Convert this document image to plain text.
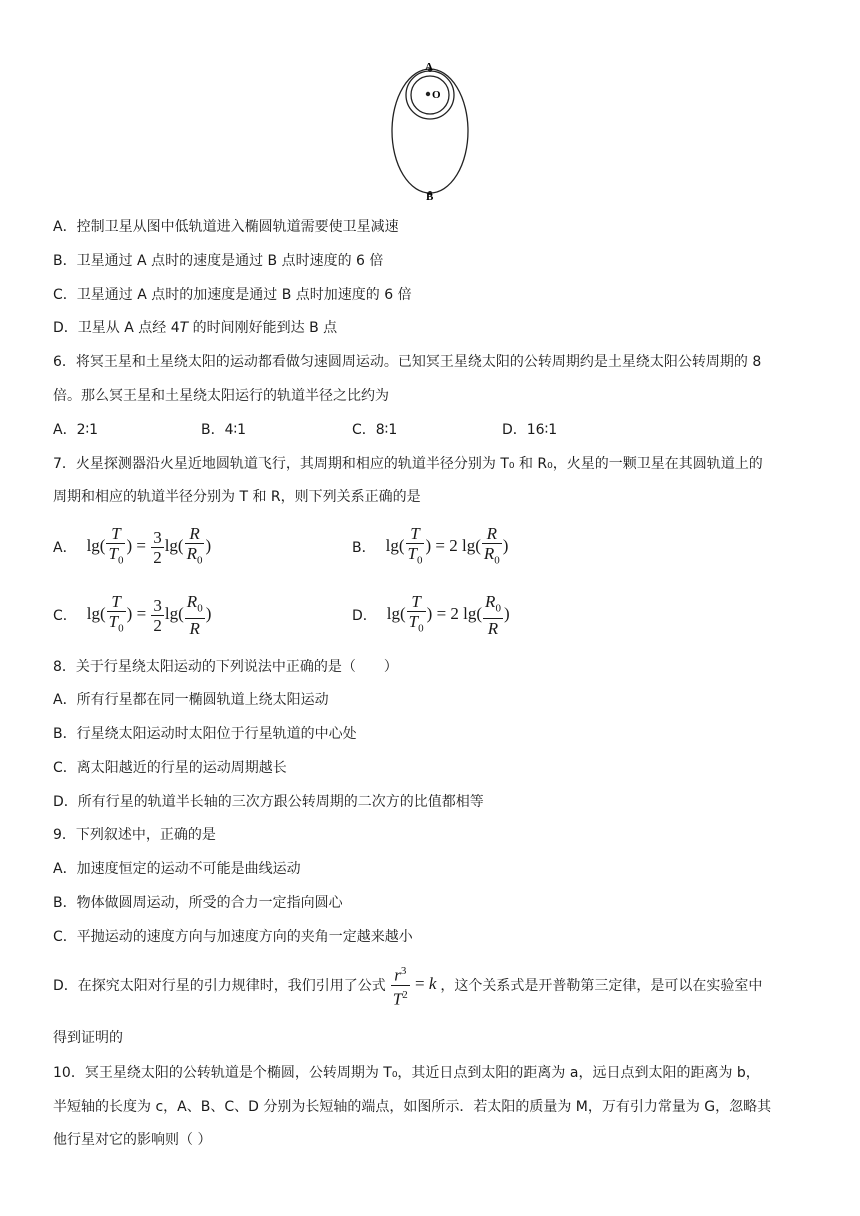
A
O
B
A．控制卫星从图中低轨道进入椭圆轨道需要使卫星减速
B．卫星通过 A 点时的速度是通过 B 点时速度的 6 倍
C．卫星通过 A 点时的加速度是通过 B 点时加速度的 6 倍
D．卫星从 A 点经 4T 的时间刚好能到达 B 点
6．将冥王星和土星绕太阳的运动都看做匀速圆周运动。已知冥王星绕太阳的公转周期约是土星绕太阳公转周期的 8
倍。那么冥王星和土星绕太阳运行的轨道半径之比约为
A．2∶1	B．4∶1	C．8∶1	D．16∶1
7．火星探测器沿火星近地圆轨道飞行，其周期和相应的轨道半径分别为 T₀ 和 R₀，火星的一颗卫星在其圆轨道上的
周期和相应的轨道半径分别为 T 和 R，则下列关系正确的是
A． $\lg( \frac{T}{T_0}$ ) = $\frac{3}{2} \lg( \frac{R}{R_0}$ )	B． $\lg( \frac{T}{T_0}$ ) = 2 $\lg( \frac{R}{R_0}$ )
C． $\lg( \frac{T}{T_0}$ ) = $\frac{3}{2} \lg( \frac{R_0}{R}$ )	D． $\lg( \frac{T}{T_0}$ ) = 2 $\lg( \frac{R_0}{R}$ )
8．关于行星绕太阳运动的下列说法中正确的是（　　）
A．所有行星都在同一椭圆轨道上绕太阳运动
B．行星绕太阳运动时太阳位于行星轨道的中心处
C．离太阳越近的行星的运动周期越长
D．所有行星的轨道半长轴的三次方跟公转周期的二次方的比值都相等
9．下列叙述中，正确的是
A．加速度恒定的运动不可能是曲线运动
B．物体做圆周运动，所受的合力一定指向圆心
C．平抛运动的速度方向与加速度方向的夹角一定越来越小
D．在探究太阳对行星的引力规律时，我们引用了公式 $\frac{r^3}{T^2} = k$ ，这个关系式是开普勒第三定律，是可以在实验室中
得到证明的
10．冥王星绕太阳的公转轨道是个椭圆，公转周期为 T₀，其近日点到太阳的距离为 a，远日点到太阳的距离为 b，
半短轴的长度为 c，A、B、C、D 分别为长短轴的端点，如图所示．若太阳的质量为 M，万有引力常量为 G，忽略其
他行星对它的影响则（ ）
